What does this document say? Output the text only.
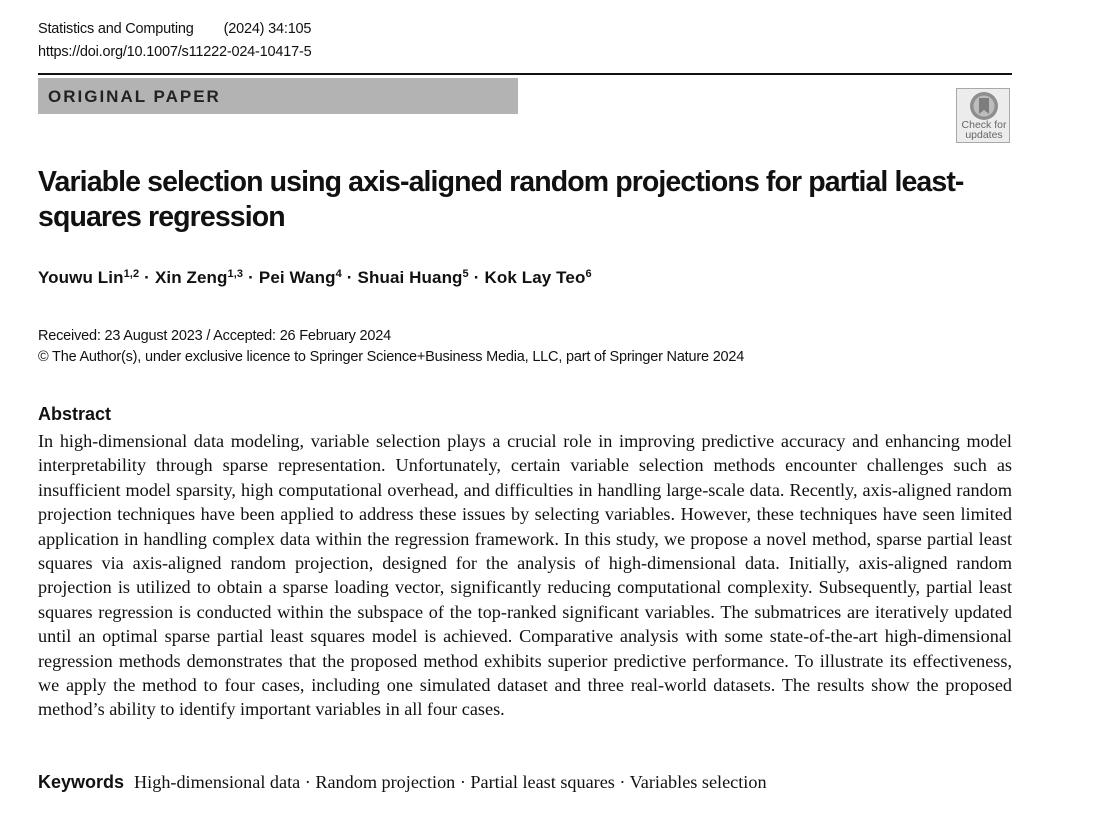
Statistics and Computing (2024) 34:105
https://doi.org/10.1007/s11222-024-10417-5
ORIGINAL PAPER
Check for
updates
Variable selection using axis-aligned random projections for partial least-squares regression
Youwu Lin$^{1,2}$ · Xin Zeng$^{1,3}$ · Pei Wang$^4$ · Shuai Huang$^5$ · Kok Lay Teo$^6$
Received: 23 August 2023 / Accepted: 26 February 2024
© The Author(s), under exclusive licence to Springer Science+Business Media, LLC, part of Springer Nature 2024
Abstract

In high-dimensional data modeling, variable selection plays a crucial role in improving predictive accuracy and enhancing model interpretability through sparse representation. Unfortunately, certain variable selection methods encounter challenges such as insufficient model sparsity, high computational overhead, and difficulties in handling large-scale data. Recently, axis-aligned random projection techniques have been applied to address these issues by selecting variables. However, these techniques have seen limited application in handling complex data within the regression framework. In this study, we propose a novel method, sparse partial least squares via axis-aligned random projection, designed for the analysis of high-dimensional data. Initially, axis-aligned random projection is utilized to obtain a sparse loading vector, significantly reducing computational complexity. Subsequently, partial least squares regression is conducted within the subspace of the top-ranked significant variables. The submatrices are iteratively updated until an optimal sparse partial least squares model is achieved. Comparative analysis with some state-of-the-art high-dimensional regression methods demonstrates that the proposed method exhibits superior predictive performance. To illustrate its effectiveness, we apply the method to four cases, including one simulated dataset and three real-world datasets. The results show the proposed method’s ability to identify important variables in all four cases.

Keywords High-dimensional data · Random projection · Partial least squares · Variables selection
